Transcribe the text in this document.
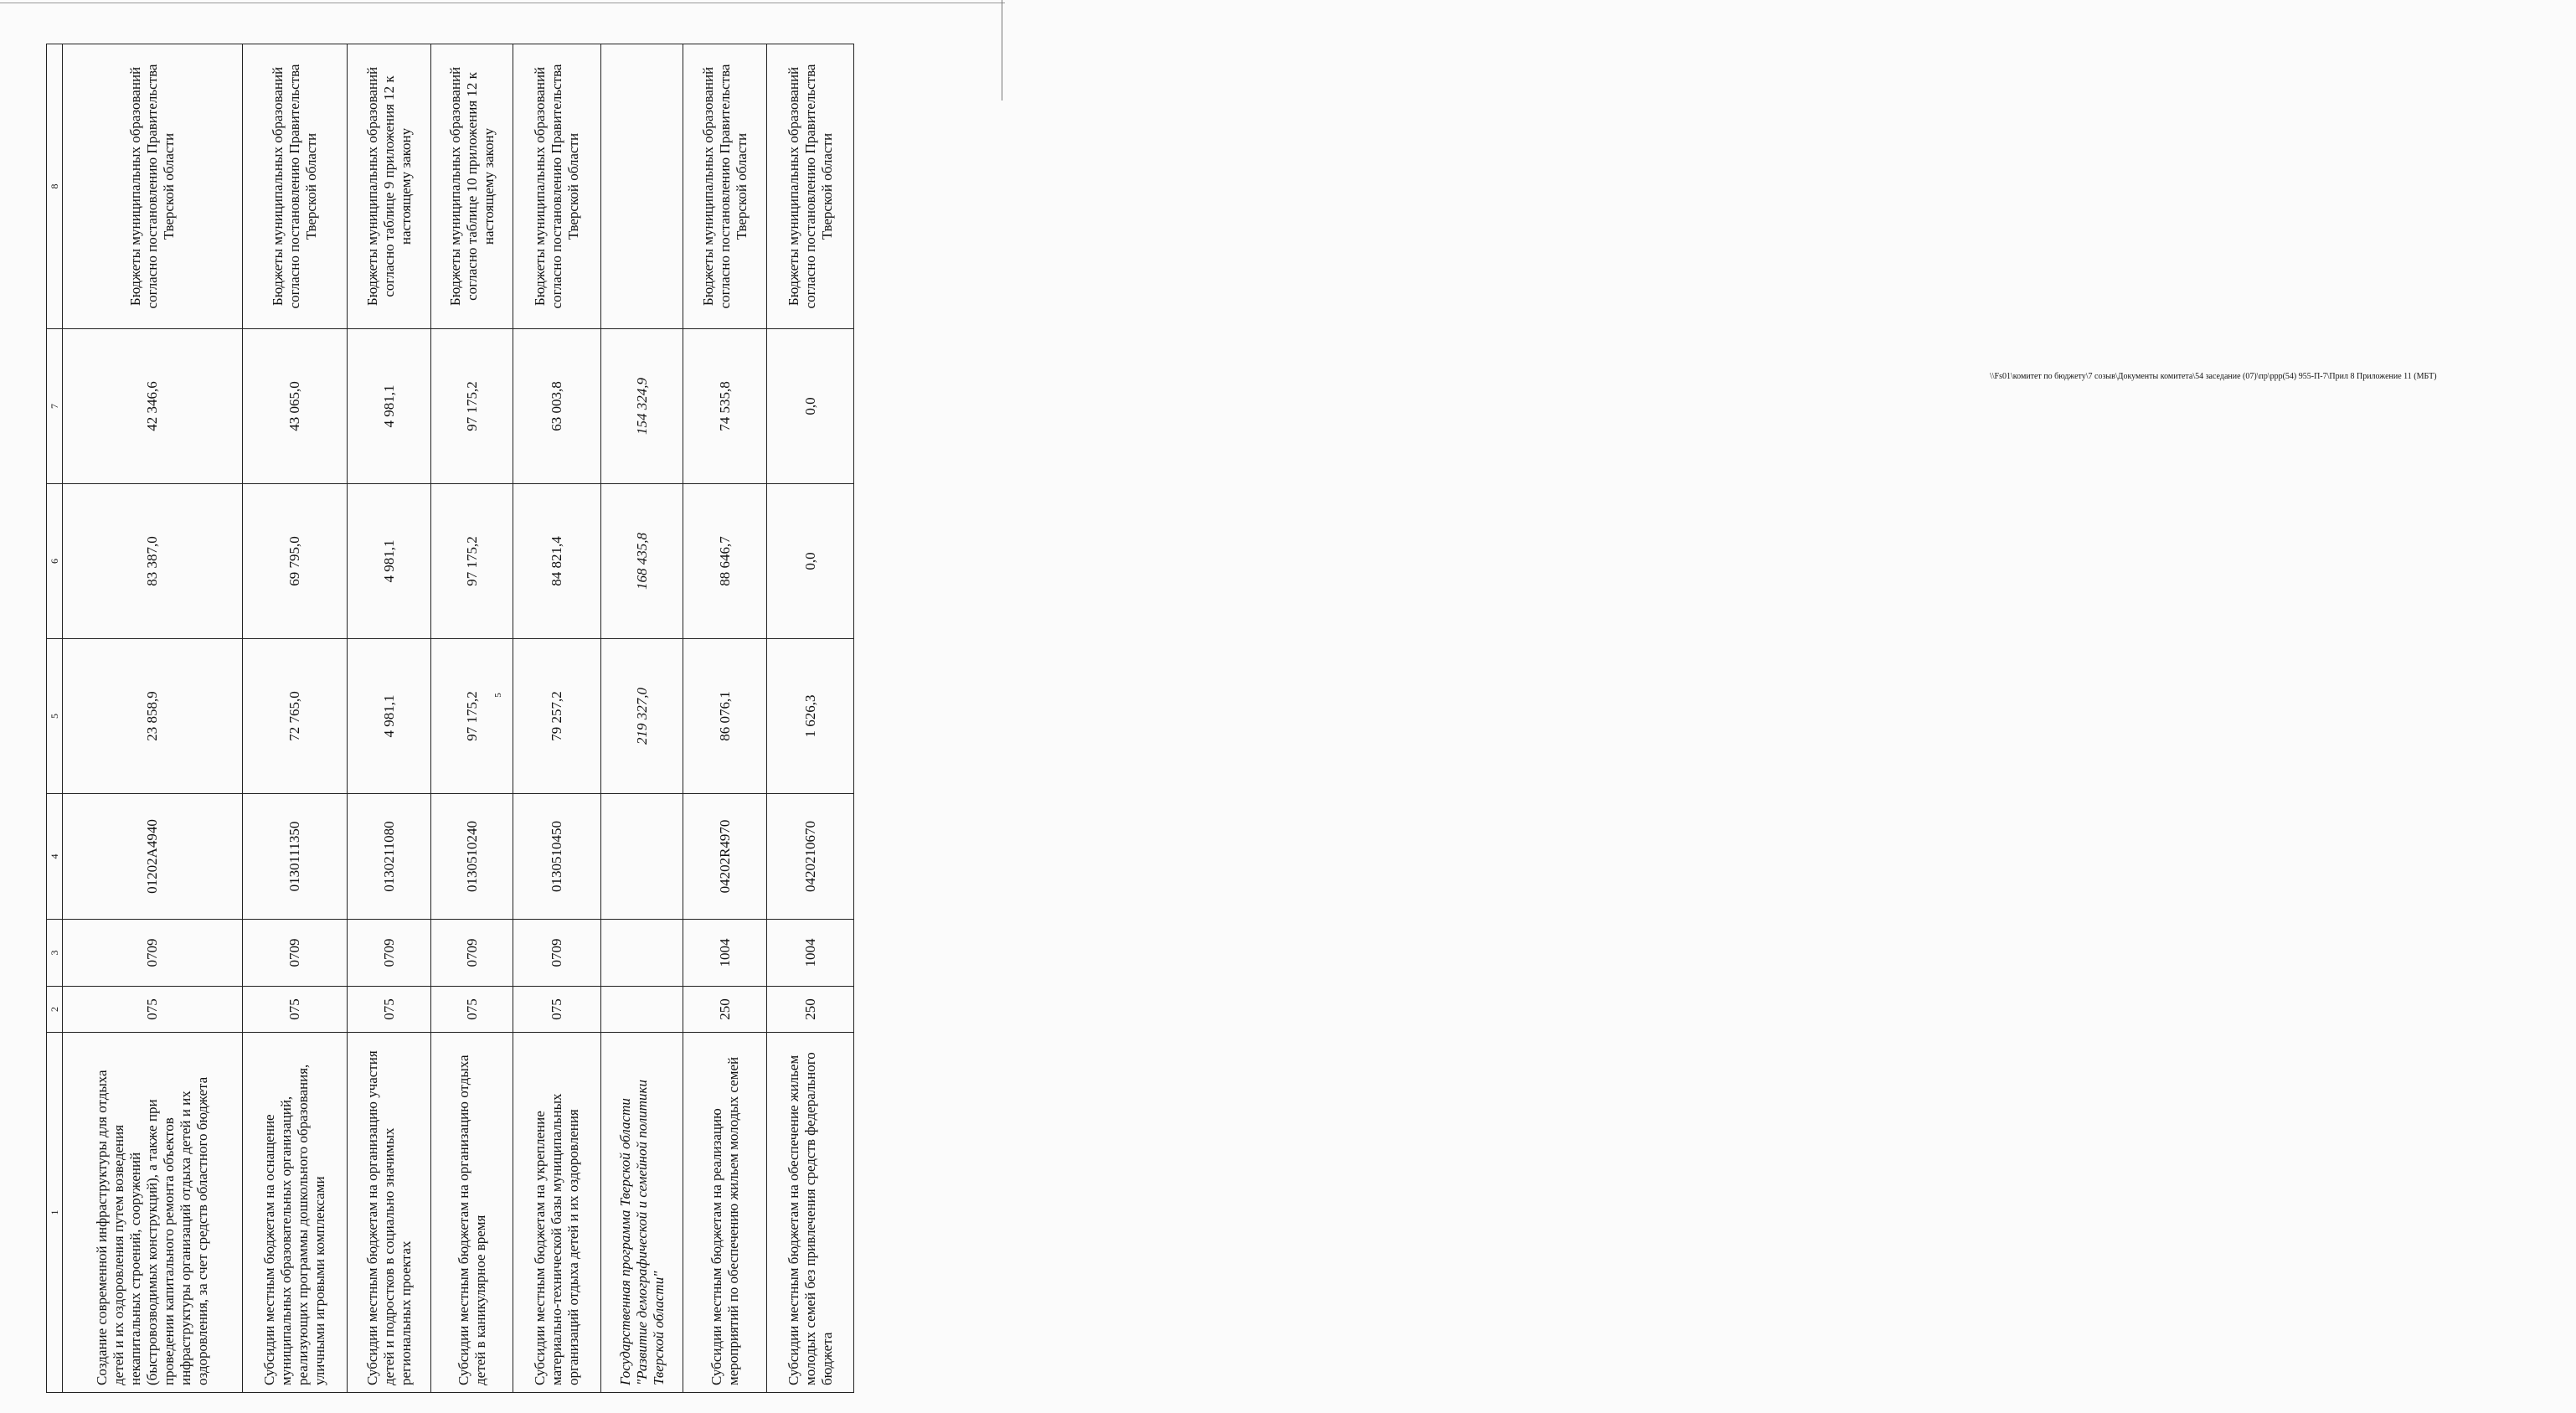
5
\\Fs01\комитет по бюджету\7 созыв\Документы комитета\54 заседание (07)\пр\ррр(54) 955-П-7\Прил 8 Приложение 11 (МБТ)
1	2	3	4	5	6	7	8
Создание современной инфраструктуры для отдыха детей и их оздоровления путем возведения некапитальных строений, сооружений (быстровозводимых конструкций), а также при проведении капитального ремонта объектов инфраструктуры организаций отдыха детей и их оздоровления, за счет средств областного бюджета	075	0709	01202A4940	23 858,9	83 387,0	42 346,6	Бюджеты муниципальных образований согласно постановлению Правительства Тверской области
Субсидии местным бюджетам на оснащение муниципальных образовательных организаций, реализующих программы дошкольного образования, уличными игровыми комплексами	075	0709	0130111350	72 765,0	69 795,0	43 065,0	Бюджеты муниципальных образований согласно постановлению Правительства Тверской области
Субсидии местным бюджетам на организацию участия детей и подростков в социально значимых региональных проектах	075	0709	0130211080	4 981,1	4 981,1	4 981,1	Бюджеты муниципальных образований согласно таблице 9 приложения 12 к настоящему закону
Субсидии местным бюджетам на организацию отдыха детей в каникулярное время	075	0709	0130510240	97 175,2	97 175,2	97 175,2	Бюджеты муниципальных образований согласно таблице 10 приложения 12 к настоящему закону
Субсидии местным бюджетам на укрепление материально-технической базы муниципальных организаций отдыха детей и их оздоровления	075	0709	0130510450	79 257,2	84 821,4	63 003,8	Бюджеты муниципальных образований согласно постановлению Правительства Тверской области
Государственная программа Тверской области "Развитие демографической и семейной политики Тверской области"				219 327,0	168 435,8	154 324,9	
Субсидии местным бюджетам на реализацию мероприятий по обеспечению жильем молодых семей	250	1004	04202R4970	86 076,1	88 646,7	74 535,8	Бюджеты муниципальных образований согласно постановлению Правительства Тверской области
Субсидии местным бюджетам на обеспечение жильем молодых семей без привлечения средств федерального бюджета	250	1004	0420210670	1 626,3	0,0	0,0	Бюджеты муниципальных образований согласно постановлению Правительства Тверской области
